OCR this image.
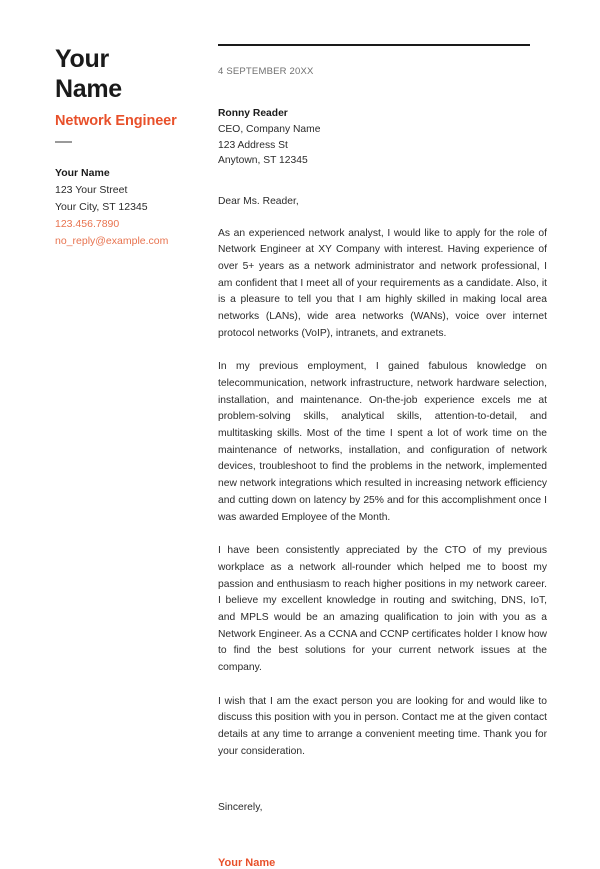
Your
Name
Network Engineer
Your Name
123 Your Street
Your City, ST 12345
123.456.7890
no_reply@example.com
4 SEPTEMBER 20XX
Ronny Reader
CEO, Company Name
123 Address St
Anytown, ST 12345
Dear Ms. Reader,

As an experienced network analyst, I would like to apply for the role of Network Engineer at XY Company with interest. Having experience of over 5+ years as a network administrator and network professional, I am confident that I meet all of your requirements as a candidate. Also, it is a pleasure to tell you that I am highly skilled in making local area networks (LANs), wide area networks (WANs), voice over internet protocol networks (VoIP), intranets, and extranets.

In my previous employment, I gained fabulous knowledge on telecommunication, network infrastructure, network hardware selection, installation, and maintenance. On-the-job experience excels me at problem-solving skills, analytical skills, attention-to-detail, and multitasking skills. Most of the time I spent a lot of work time on the maintenance of networks, installation, and configuration of network devices, troubleshoot to find the problems in the network, implemented new network integrations which resulted in increasing network efficiency and cutting down on latency by 25% and for this accomplishment once I was awarded Employee of the Month.

I have been consistently appreciated by the CTO of my previous workplace as a network all-rounder which helped me to boost my passion and enthusiasm to reach higher positions in my network career. I believe my excellent knowledge in routing and switching, DNS, IoT, and MPLS would be an amazing qualification to join with you as a Network Engineer. As a CCNA and CCNP certificates holder I know how to find the best solutions for your current network issues at the company.

I wish that I am the exact person you are looking for and would like to discuss this position with you in person. Contact me at the given contact details at any time to arrange a convenient meeting time. Thank you for your consideration.

Sincerely,
Your Name
